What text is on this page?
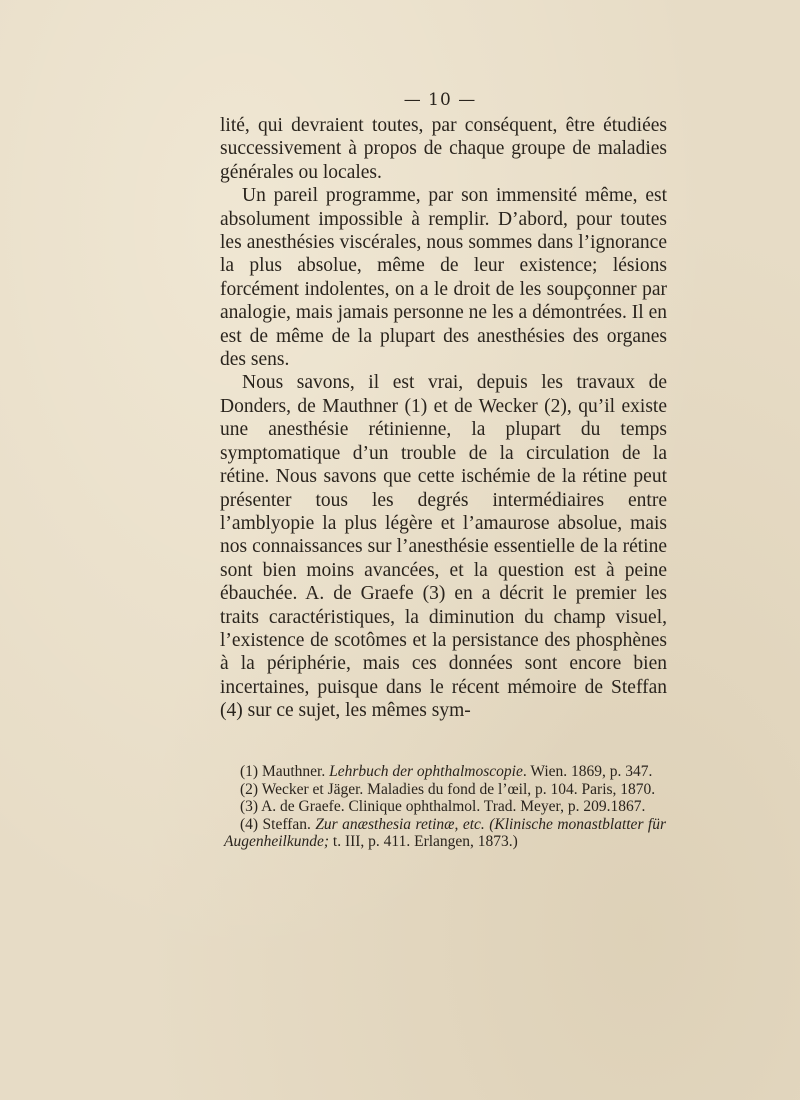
— 10 —

lité, qui devraient toutes, par conséquent, être étudiées successivement à propos de chaque groupe de maladies générales ou locales.

Un pareil programme, par son immensité même, est absolument impossible à remplir. D’abord, pour toutes les anesthésies viscérales, nous sommes dans l’ignorance la plus absolue, même de leur existence; lésions forcément indolentes, on a le droit de les soupçonner par analogie, mais jamais personne ne les a démontrées. Il en est de même de la plupart des anesthésies des organes des sens.

Nous savons, il est vrai, depuis les travaux de Donders, de Mauthner (1) et de Wecker (2), qu’il existe une anesthésie rétinienne, la plupart du temps symptomatique d’un trouble de la circulation de la rétine. Nous savons que cette ischémie de la rétine peut présenter tous les degrés intermédiaires entre l’amblyopie la plus légère et l’amaurose absolue, mais nos connaissances sur l’anesthésie essentielle de la rétine sont bien moins avancées, et la question est à peine ébauchée. A. de Graefe (3) en a décrit le premier les traits caractéristiques, la diminution du champ visuel, l’existence de scotômes et la persistance des phosphènes à la périphérie, mais ces données sont encore bien incertaines, puisque dans le récent mémoire de Steffan (4) sur ce sujet, les mêmes sym-

(1) Mauthner. Lehrbuch der ophthalmoscopie. Wien. 1869, p. 347.

(2) Wecker et Jäger. Maladies du fond de l’œil, p. 104. Paris, 1870.

(3) A. de Graefe. Clinique ophthalmol. Trad. Meyer, p. 209.1867.

(4) Steffan. Zur anæsthesia retinæ, etc. (Klinische monastblatter für Augenheilkunde; t. III, p. 411. Erlangen, 1873.)
